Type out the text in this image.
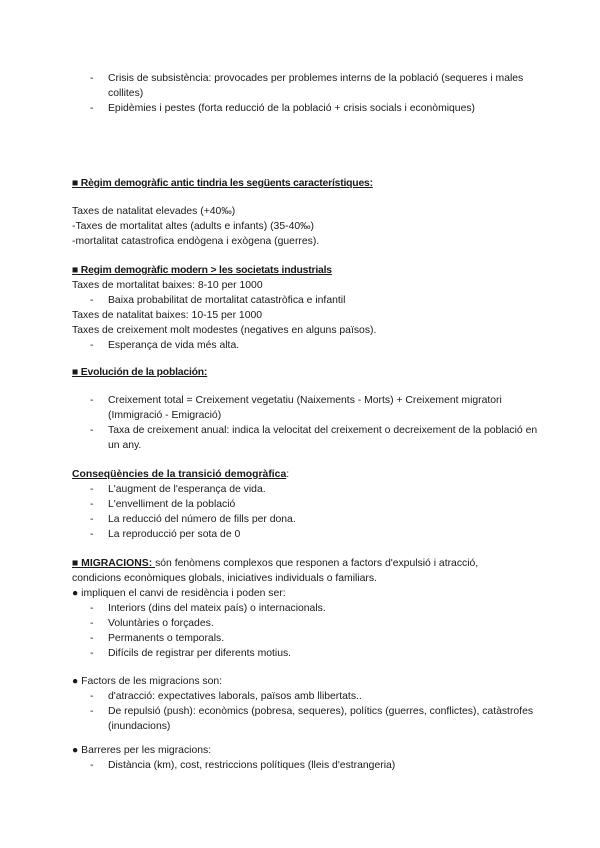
- Crisis de subsistència: provocades per problemes interns de la població (sequeres i males collites)
- Epidèmies i pestes (forta reducció de la població + crisis socials i econòmiques)
■ Règim demogràfic antic tindria les següents característiques:
Taxes de natalitat elevades (+40‰)
-Taxes de mortalitat altes (adults e infants) (35-40‰)
-mortalitat catastrofica endògena i exògena (guerres).
■ Regim demogràfic modern > les societats industrials
Taxes de mortalitat baixes: 8-10 per 1000
- Baixa probabilitat de mortalitat catastròfica e infantil
Taxes de natalitat baixes: 10-15 per 1000
Taxes de creixement molt modestes (negatives en alguns països).
- Esperança de vida més alta.
■ Evolución de la población:
- Creixement total = Creixement vegetatiu (Naixements - Morts) + Creixement migratori (Immigració - Emigració)
- Taxa de creixement anual: indica la velocitat del creixement o decreixement de la població en un any.
Conseqüències de la transició demogràfica:
- L'augment de l'esperança de vida.
- L'envelliment de la població
- La reducció del número de fills per dona.
- La reproducció per sota de 0
■ MIGRACIONS: són fenòmens complexos que responen a factors d'expulsió i atracció,
condicions econòmiques globals, iniciatives individuals o familiars.
● impliquen el canvi de residència i poden ser:
- Interiors (dins del mateix país) o internacionals.
- Voluntàries o forçades.
- Permanents o temporals.
- Difícils de registrar per diferents motius.
● Factors de les migracions son:
- d'atracció: expectatives laborals, països amb llibertats..
- De repulsió (push): econòmics (pobresa, sequeres), polítics (guerres, conflictes), catàstrofes (inundacions)
● Barreres per les migracions:
- Distància (km), cost, restriccions polítiques (lleis d'estrangeria)
